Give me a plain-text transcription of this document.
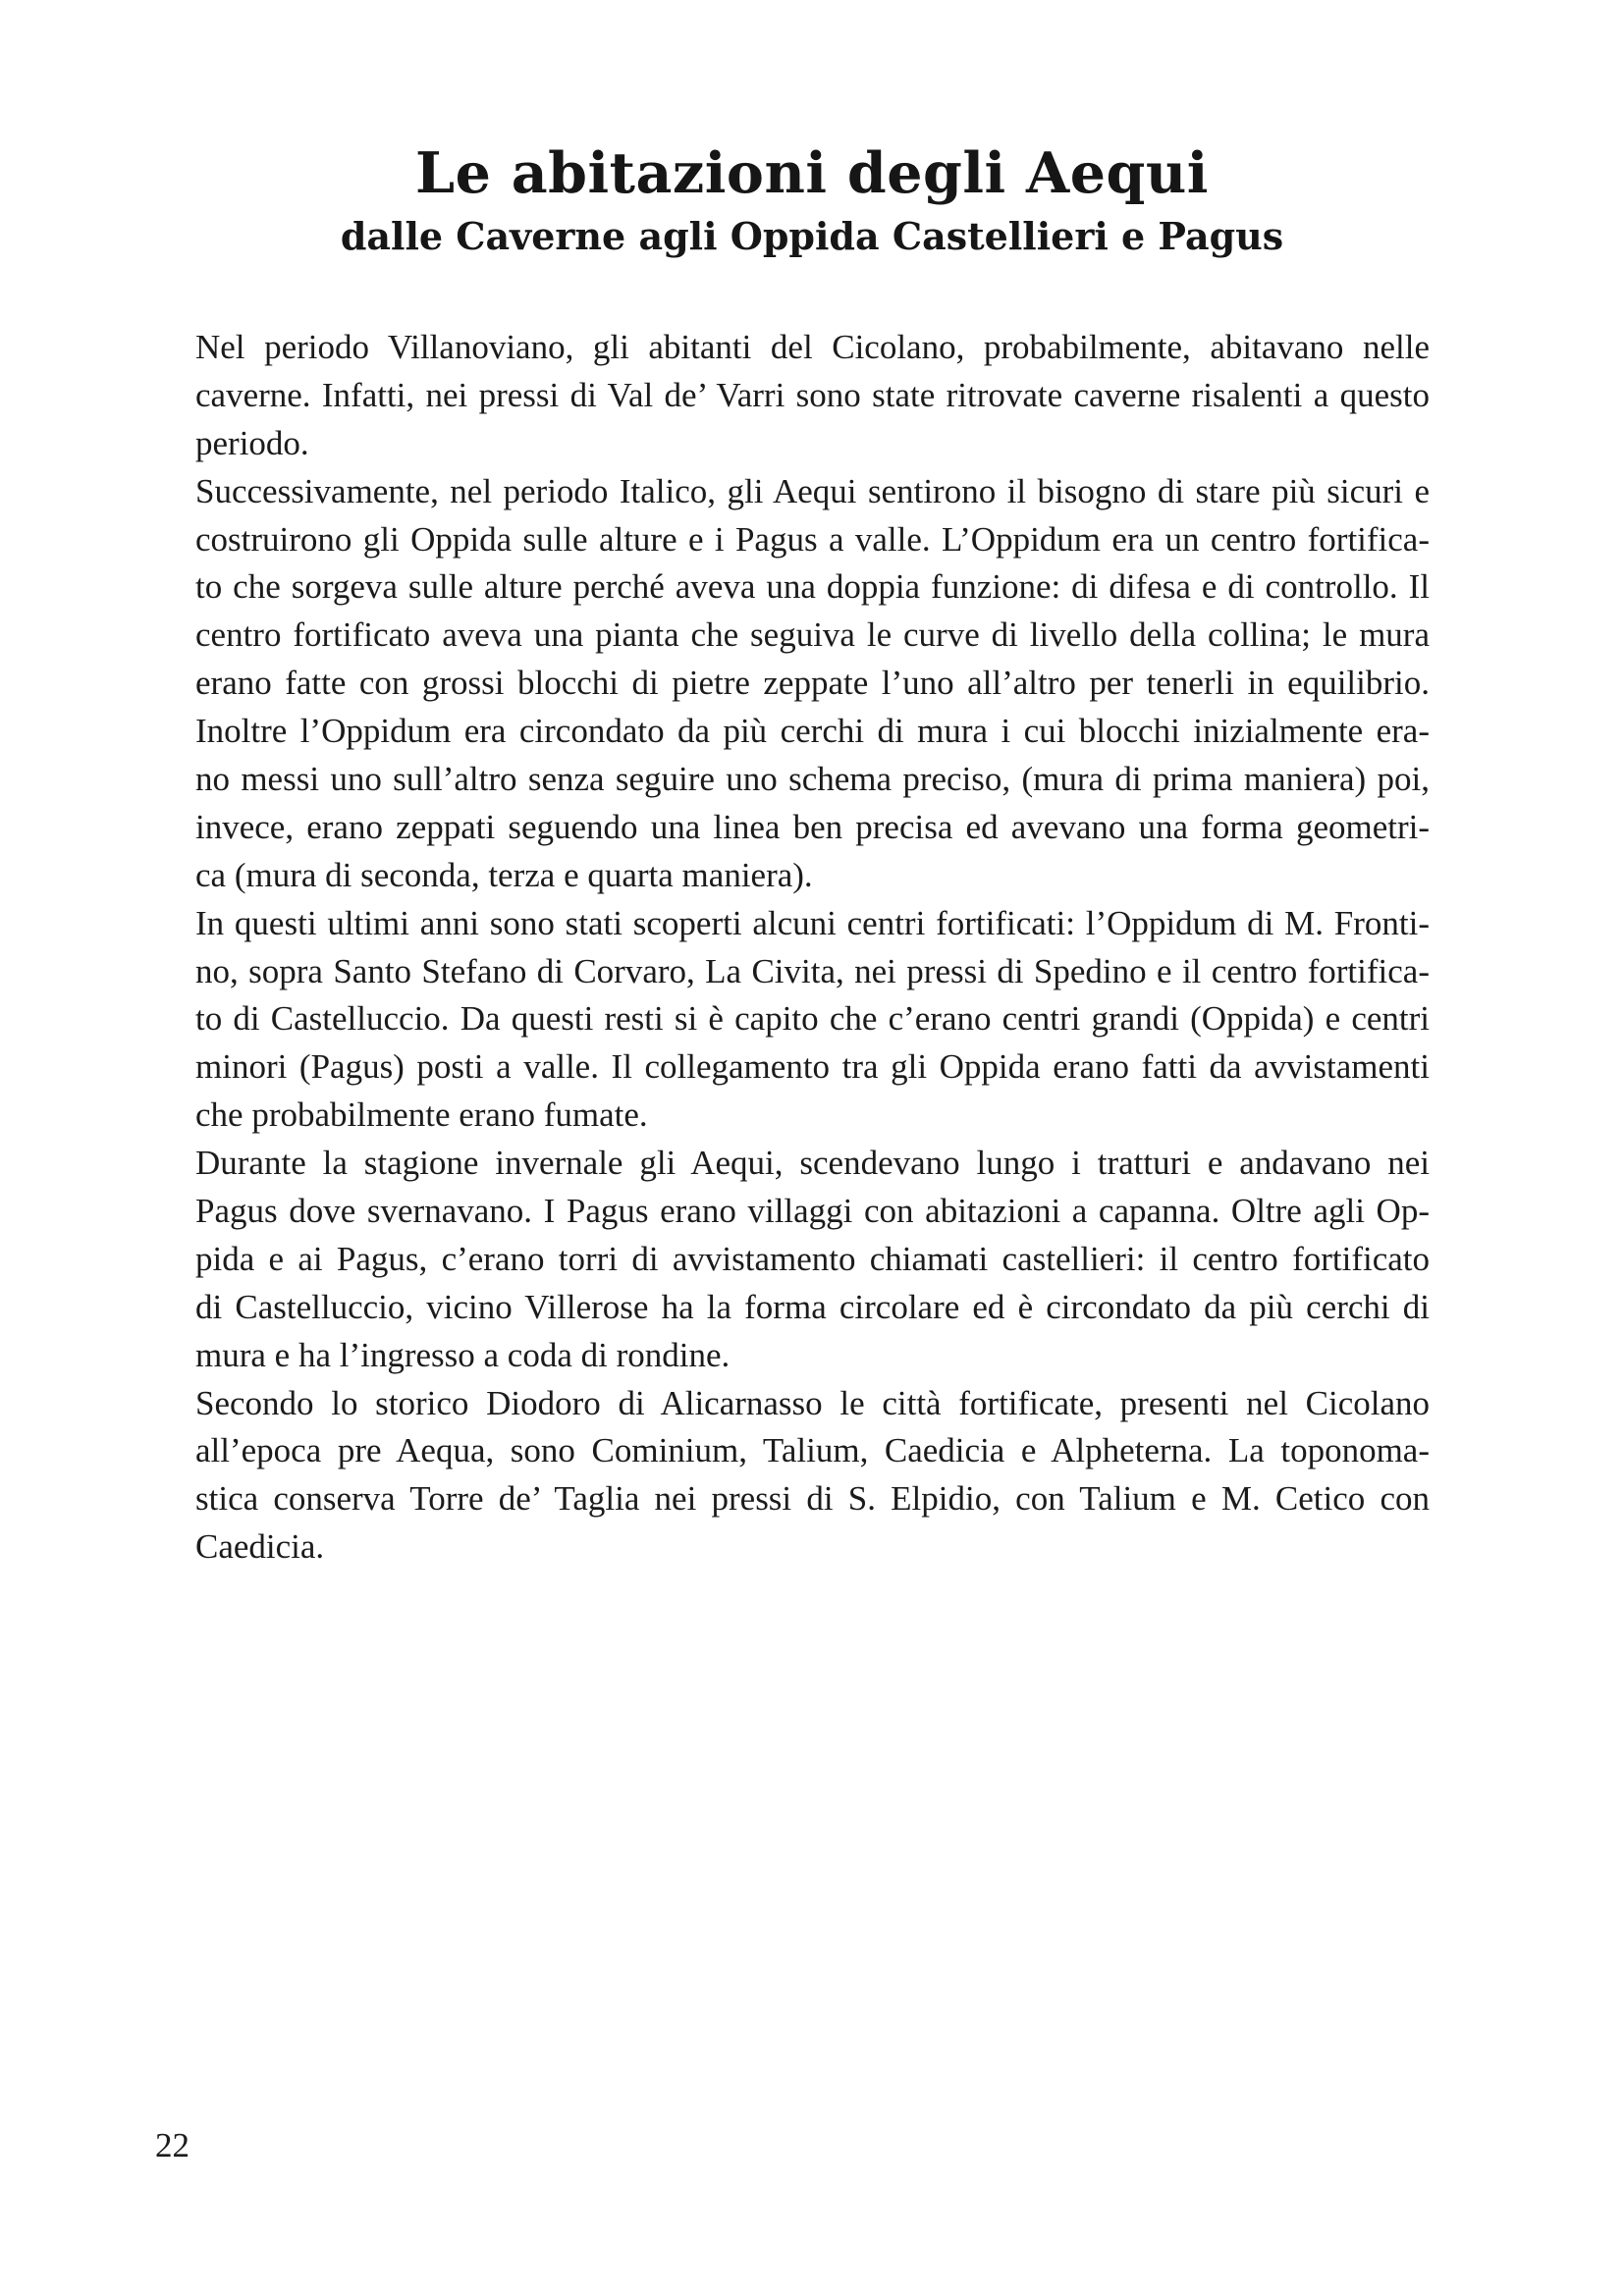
Le abitazioni degli Aequi
dalle Caverne agli Oppida Castellieri e Pagus

Nel periodo Villanoviano, gli abitanti del Cicolano, probabilmente, abitavano nelle
caverne. Infatti, nei pressi di Val de’ Varri sono state ritrovate caverne risalenti a questo
periodo.

Successivamente, nel periodo Italico, gli Aequi sentirono il bisogno di stare più sicuri e
costruirono gli Oppida sulle alture e i Pagus a valle. L’Oppidum era un centro fortifica-
to che sorgeva sulle alture perché aveva una doppia funzione: di difesa e di controllo. Il
centro fortificato aveva una pianta che seguiva le curve di livello della collina; le mura
erano fatte con grossi blocchi di pietre zeppate l’uno all’altro per tenerli in equilibrio.
Inoltre l’Oppidum era circondato da più cerchi di mura i cui blocchi inizialmente era-
no messi uno sull’altro senza seguire uno schema preciso, (mura di prima maniera) poi,
invece, erano zeppati seguendo una linea ben precisa ed avevano una forma geometri-
ca (mura di seconda, terza e quarta maniera).

In questi ultimi anni sono stati scoperti alcuni centri fortificati: l’Oppidum di M. Fronti-
no, sopra Santo Stefano di Corvaro, La Civita, nei pressi di Spedino e il centro fortifica-
to di Castelluccio. Da questi resti si è capito che c’erano centri grandi (Oppida) e centri
minori (Pagus) posti a valle. Il collegamento tra gli Oppida erano fatti da avvistamenti
che probabilmente erano fumate.

Durante la stagione invernale gli Aequi, scendevano lungo i tratturi e andavano nei
Pagus dove svernavano. I Pagus erano villaggi con abitazioni a capanna. Oltre agli Op-
pida e ai Pagus, c’erano torri di avvistamento chiamati castellieri: il centro fortificato
di Castelluccio, vicino Villerose ha la forma circolare ed è circondato da più cerchi di
mura e ha l’ingresso a coda di rondine.

Secondo lo storico Diodoro di Alicarnasso le città fortificate, presenti nel Cicolano
all’epoca pre Aequa, sono Cominium, Talium, Caedicia e Alpheterna. La toponoma-
stica conserva Torre de’ Taglia nei pressi di S. Elpidio, con Talium e M. Cetico con
Caedicia.

22
